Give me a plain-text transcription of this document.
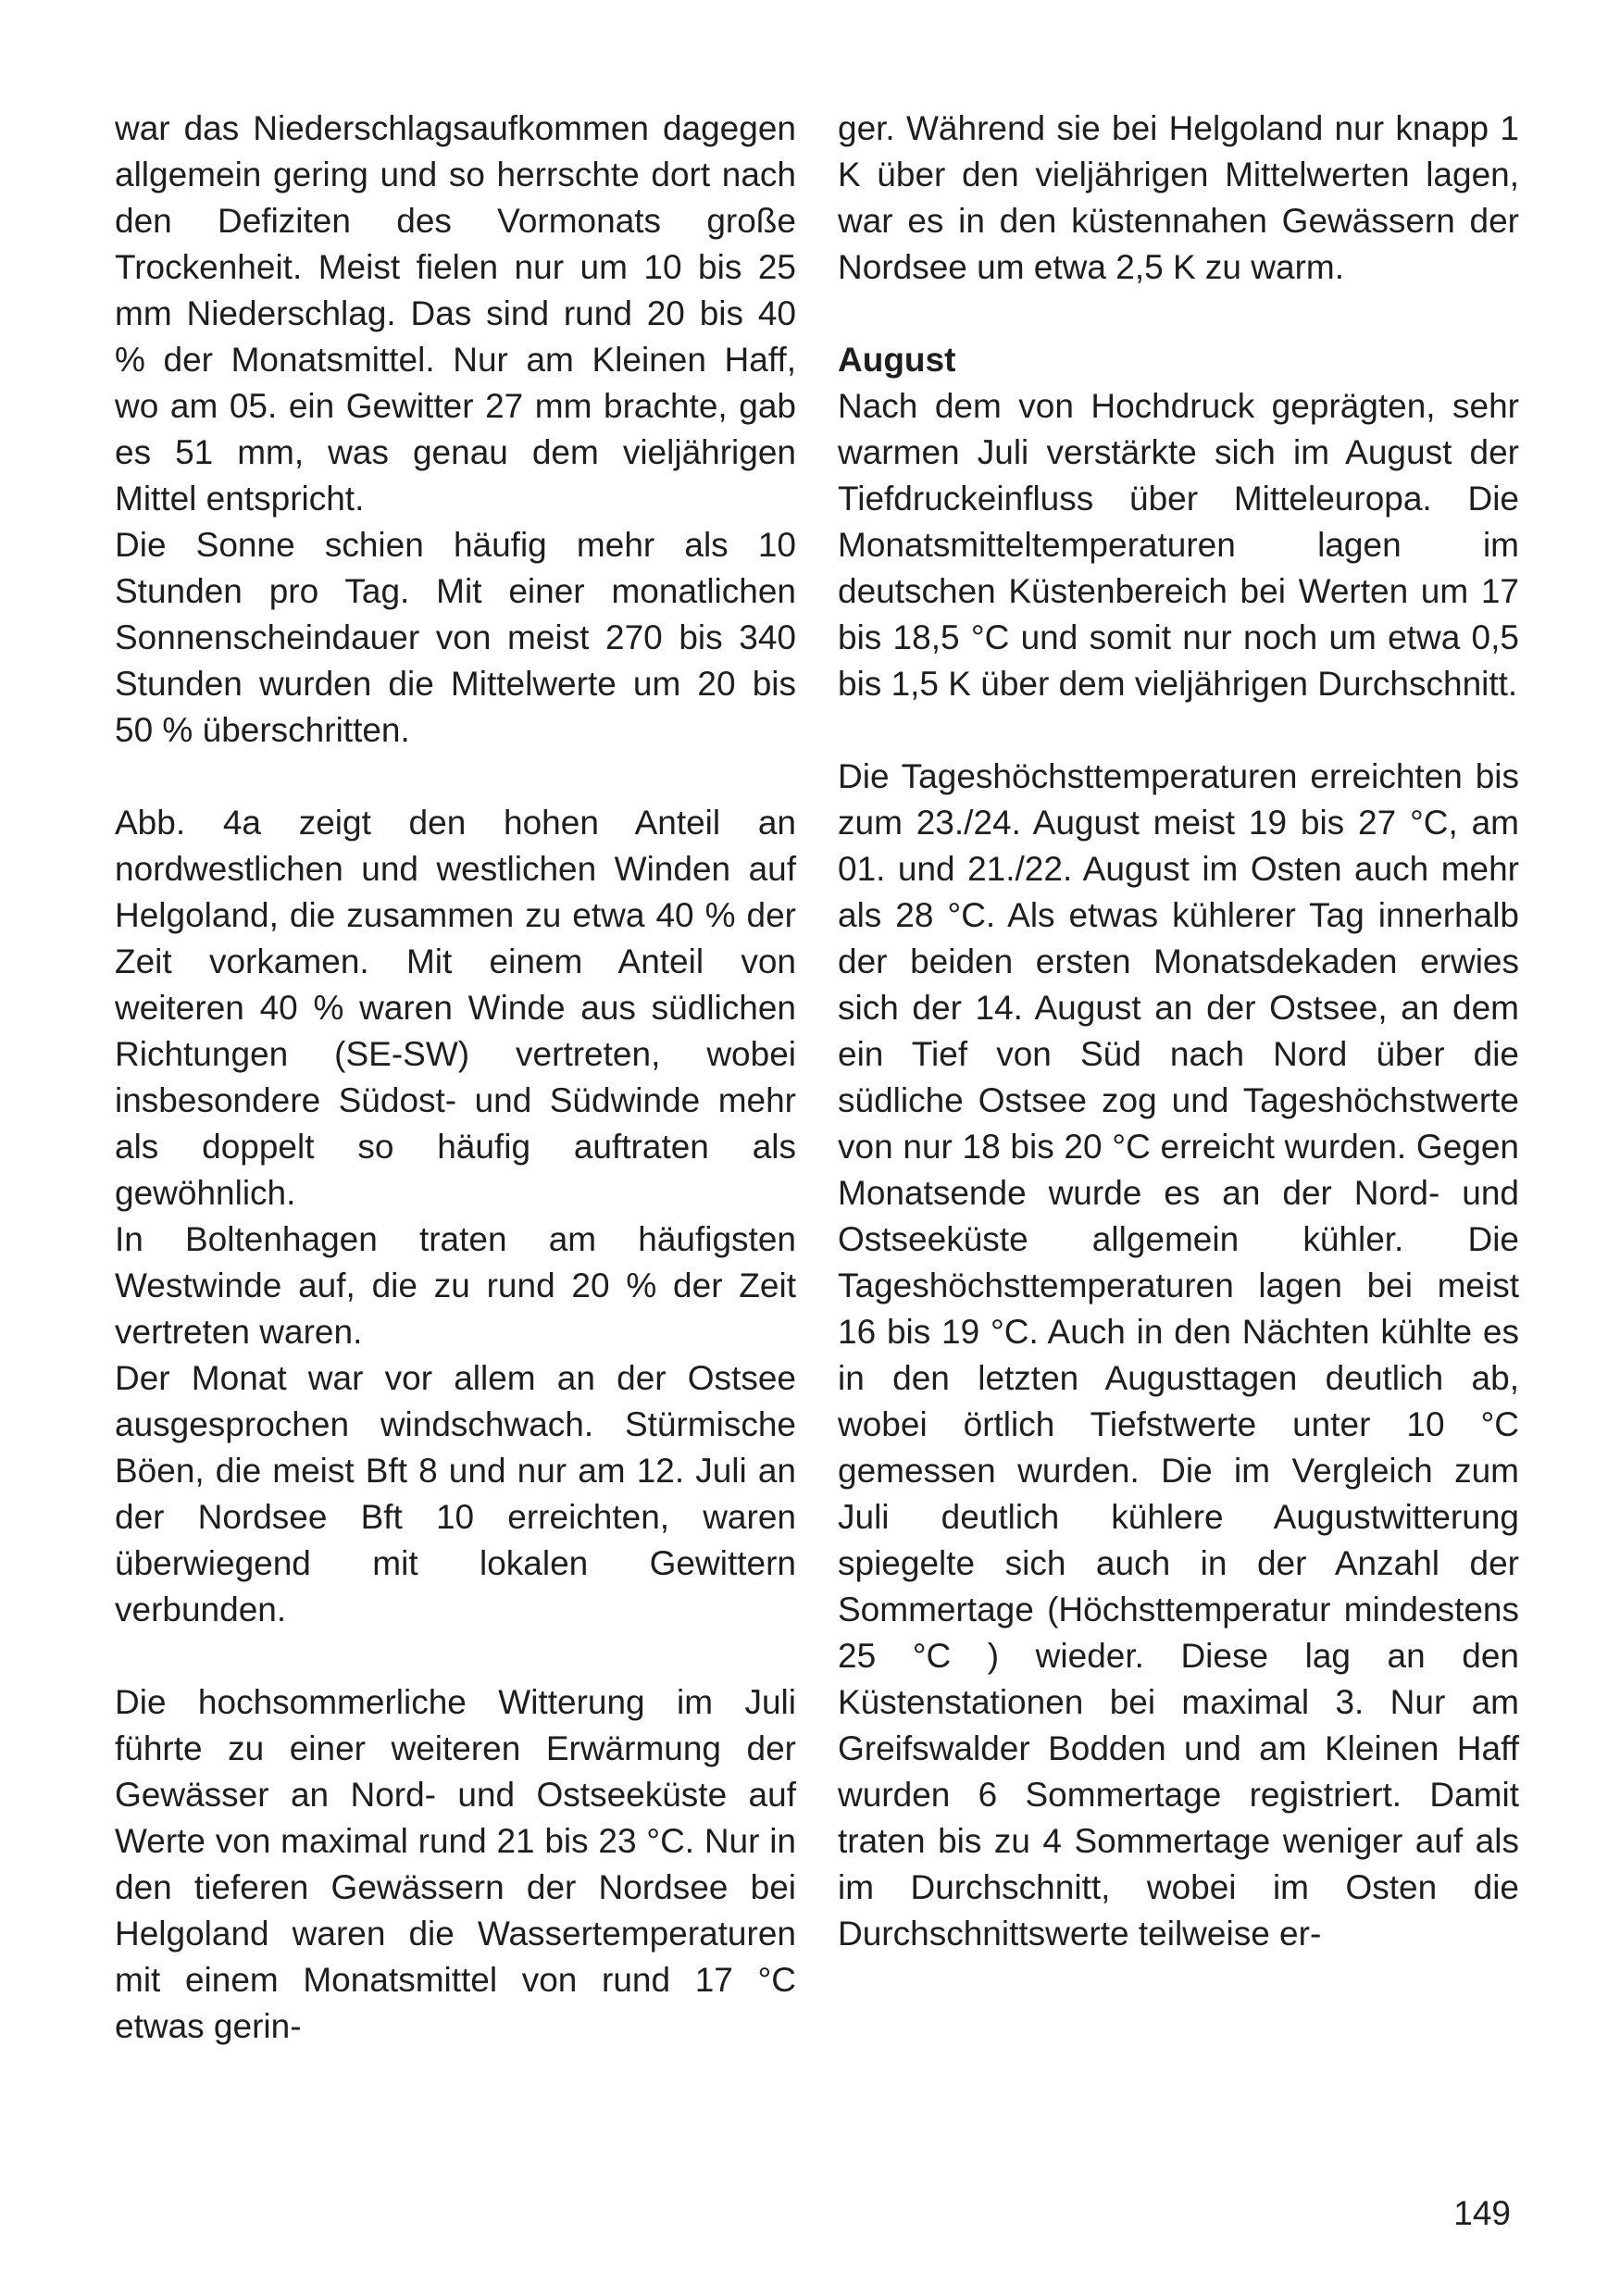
war das Niederschlagsaufkommen dagegen allgemein gering und so herrschte dort nach den Defiziten des Vormonats große Trockenheit. Meist fielen nur um 10 bis 25 mm Niederschlag. Das sind rund 20 bis 40 % der Monatsmittel. Nur am Kleinen Haff, wo am 05. ein Gewitter 27 mm brachte, gab es 51 mm, was genau dem vieljährigen Mittel entspricht.

Die Sonne schien häufig mehr als 10 Stunden pro Tag. Mit einer monatlichen Sonnenscheindauer von meist 270 bis 340 Stunden wurden die Mittelwerte um 20 bis 50 % überschritten.

Abb. 4a zeigt den hohen Anteil an nordwestlichen und westlichen Winden auf Helgoland, die zusammen zu etwa 40 % der Zeit vorkamen. Mit einem Anteil von weiteren 40 % waren Winde aus südlichen Richtungen (SE-SW) vertreten, wobei insbesondere Südost- und Südwinde mehr als doppelt so häufig auftraten als gewöhnlich.

In Boltenhagen traten am häufigsten Westwinde auf, die zu rund 20 % der Zeit vertreten waren.

Der Monat war vor allem an der Ostsee ausgesprochen windschwach. Stürmische Böen, die meist Bft 8 und nur am 12. Juli an der Nordsee Bft 10 erreichten, waren überwiegend mit lokalen Gewittern verbunden.

Die hochsommerliche Witterung im Juli führte zu einer weiteren Erwärmung der Gewässer an Nord- und Ostseeküste auf Werte von maximal rund 21 bis 23 °C. Nur in den tieferen Gewässern der Nordsee bei Helgoland waren die Wassertemperaturen mit einem Monatsmittel von rund 17 °C etwas gerin-

ger. Während sie bei Helgoland nur knapp 1 K über den vieljährigen Mittelwerten lagen, war es in den küstennahen Gewässern der Nordsee um etwa 2,5 K zu warm.

August

Nach dem von Hochdruck geprägten, sehr warmen Juli verstärkte sich im August der Tiefdruckeinfluss über Mitteleuropa. Die Monatsmitteltemperaturen lagen im deutschen Küstenbereich bei Werten um 17 bis 18,5 °C und somit nur noch um etwa 0,5 bis 1,5 K über dem vieljährigen Durchschnitt.

Die Tageshöchsttemperaturen erreichten bis zum 23./24. August meist 19 bis 27 °C, am 01. und 21./22. August im Osten auch mehr als 28 °C. Als etwas kühlerer Tag innerhalb der beiden ersten Monatsdekaden erwies sich der 14. August an der Ostsee, an dem ein Tief von Süd nach Nord über die südliche Ostsee zog und Tageshöchstwerte von nur 18 bis 20 °C erreicht wurden. Gegen Monatsende wurde es an der Nord- und Ostseeküste allgemein kühler. Die Tageshöchsttemperaturen lagen bei meist 16 bis 19 °C. Auch in den Nächten kühlte es in den letzten Augusttagen deutlich ab, wobei örtlich Tiefstwerte unter 10 °C gemessen wurden. Die im Vergleich zum Juli deutlich kühlere Augustwitterung spiegelte sich auch in der Anzahl der Sommertage (Höchsttemperatur mindestens 25 °C ) wieder. Diese lag an den Küstenstationen bei maximal 3. Nur am Greifswalder Bodden und am Kleinen Haff wurden 6 Sommertage registriert. Damit traten bis zu 4 Sommertage weniger auf als im Durchschnitt, wobei im Osten die Durchschnittswerte teilweise er-

149
